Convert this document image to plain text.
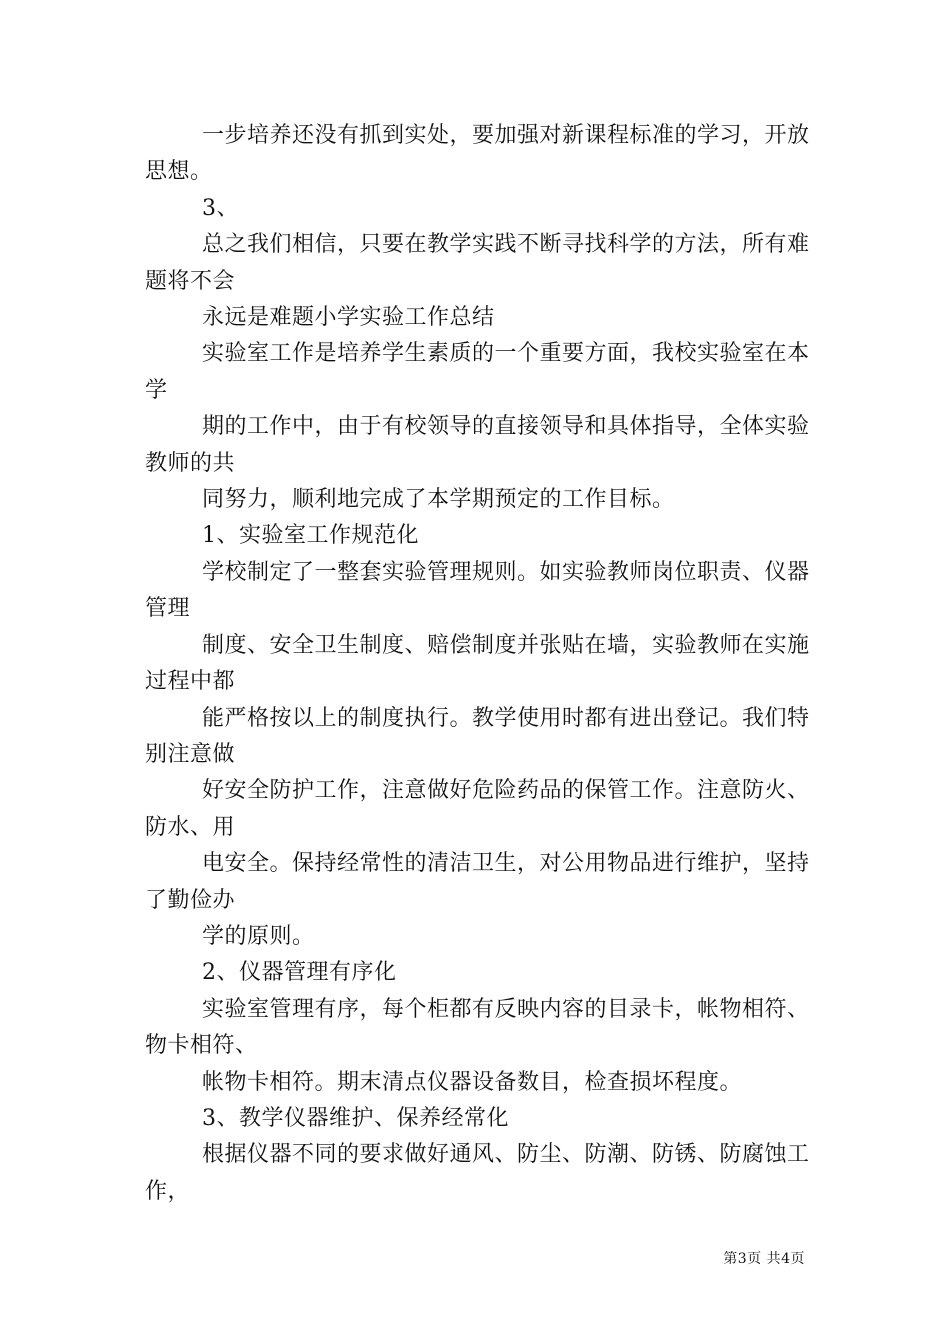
一步培养还没有抓到实处，要加强对新课程标准的学习，开放思想。

3、

总之我们相信，只要在教学实践不断寻找科学的方法，所有难题将不会

永远是难题小学实验工作总结

实验室工作是培养学生素质的一个重要方面，我校实验室在本学

期的工作中，由于有校领导的直接领导和具体指导，全体实验教师的共

同努力，顺利地完成了本学期预定的工作目标。

1、实验室工作规范化

学校制定了一整套实验管理规则。如实验教师岗位职责、仪器管理

制度、安全卫生制度、赔偿制度并张贴在墙，实验教师在实施过程中都

能严格按以上的制度执行。教学使用时都有进出登记。我们特别注意做

好安全防护工作，注意做好危险药品的保管工作。注意防火、防水、用

电安全。保持经常性的清洁卫生，对公用物品进行维护，坚持了勤俭办

学的原则。

2、仪器管理有序化

实验室管理有序，每个柜都有反映内容的目录卡，帐物相符、物卡相符、

帐物卡相符。期末清点仪器设备数目，检查损坏程度。

3、教学仪器维护、保养经常化

根据仪器不同的要求做好通风、防尘、防潮、防锈、防腐蚀工作，

第3页 共4页
